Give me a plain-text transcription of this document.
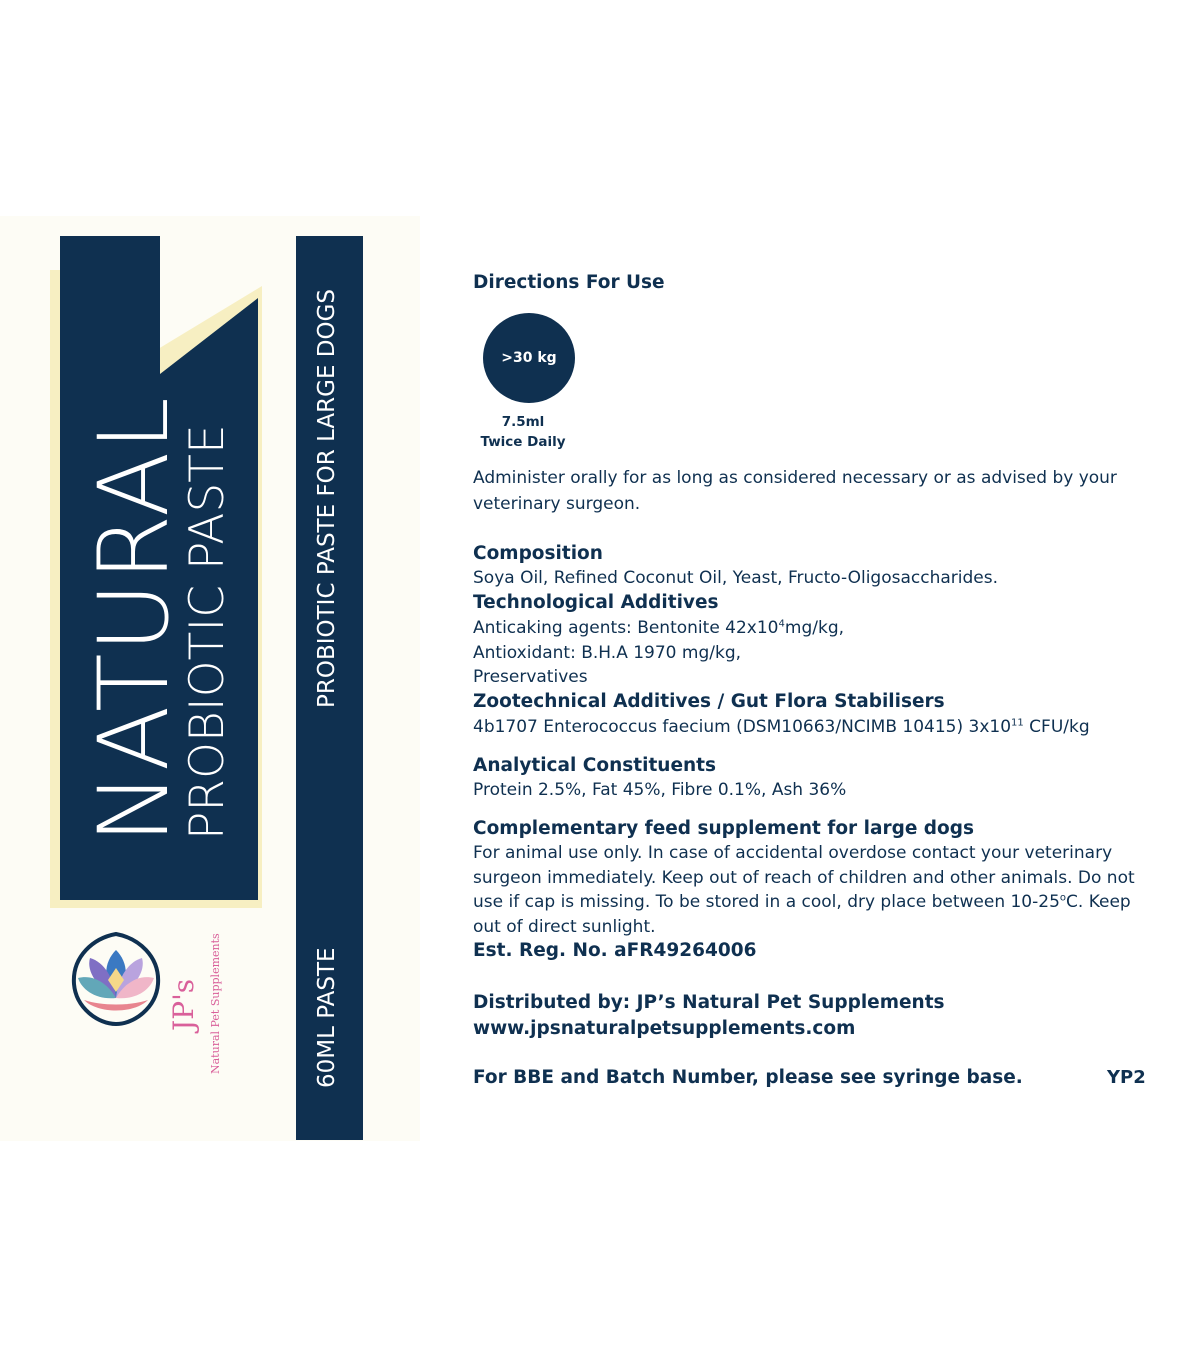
NATURAL
PROBIOTIC PASTE
JP's Natural Pet Supplements
PROBIOTIC PASTE FOR LARGE DOGS
60ML PASTE
Directions For Use
>30 kg
7.5ml
Twice Daily
Administer orally for as long as considered necessary or as advised by your
veterinary surgeon.
Composition
Soya Oil, Refined Coconut Oil, Yeast, Fructo-Oligosaccharides.
Technological Additives
Anticaking agents: Bentonite $42x10^4mg/kg$,
Antioxidant: B.H.A 1970 mg/kg,
Preservatives
Zootechnical Additives / Gut Flora Stabilisers
4b1707 Enterococcus faecium (DSM10663/NCIMB 10415) $3x10^{11}$ CFU/kg
Analytical Constituents
Protein 2.5%, Fat 45%, Fibre 0.1%, Ash 36%
Complementary feed supplement for large dogs
For animal use only. In case of accidental overdose contact your veterinary
surgeon immediately. Keep out of reach of children and other animals. Do not
use if cap is missing. To be stored in a cool, dry place between 10-25$^o$C. Keep
out of direct sunlight.
Est. Reg. No. aFR49264006
Distributed by: JP’s Natural Pet Supplements
www.jpsnaturalpetsupplements.com
For BBE and Batch Number, please see syringe base.	YP2
